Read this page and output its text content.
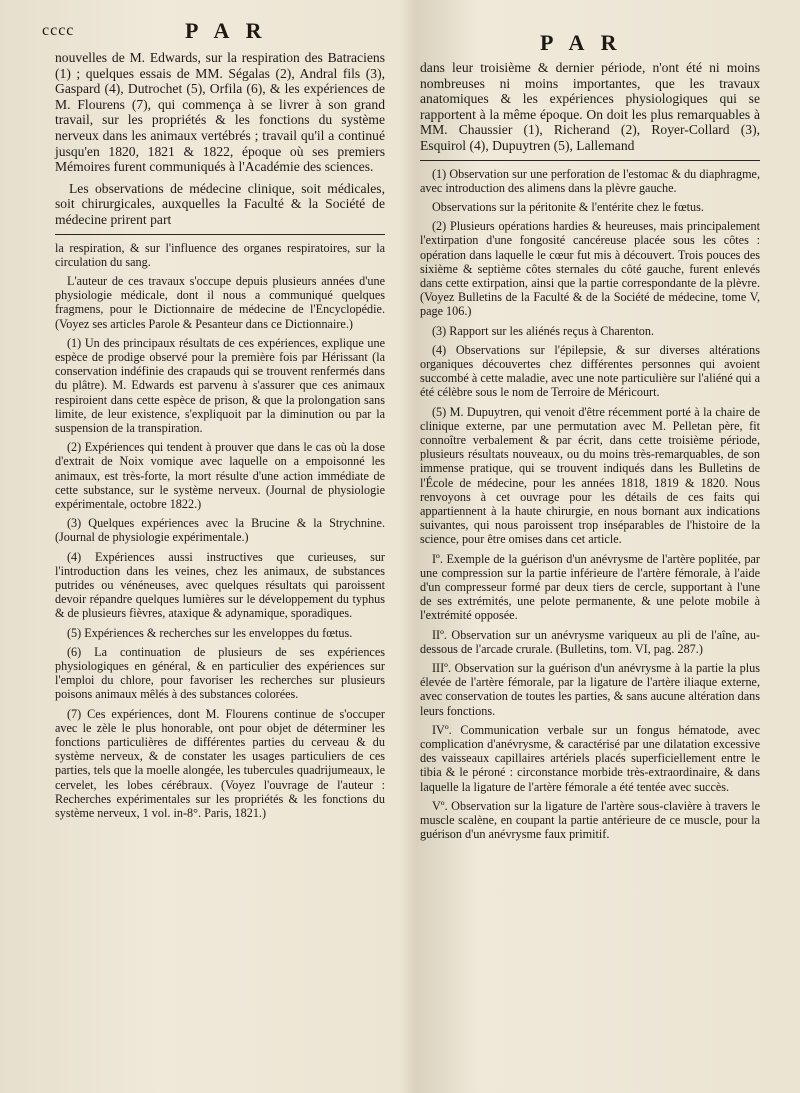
cccc	P A R	P A R

nouvelles de M. Edwards, sur la respiration des Batraciens (1) ; quelques essais de MM. Ségalas (2), Andral fils (3), Gaspard (4), Dutrochet (5), Orfila (6), & les expériences de M. Flourens (7), qui commença à se livrer à son grand travail, sur les propriétés & les fonctions du système nerveux dans les animaux vertébrés ; travail qu'il a continué jusqu'en 1820, 1821 & 1822, époque où ses premiers Mémoires furent communiqués à l'Académie des sciences.

Les observations de médecine clinique, soit médicales, soit chirurgicales, auxquelles la Faculté & la Société de médecine prirent part

la respiration, & sur l'influence des organes respiratoires, sur la circulation du sang.

L'auteur de ces travaux s'occupe depuis plusieurs années d'une physiologie médicale, dont il nous a communiqué quelques fragmens, pour le Dictionnaire de médecine de l'Encyclopédie. (Voyez ses articles Parole & Pesanteur dans ce Dictionnaire.)

(1) Un des principaux résultats de ces expériences, explique une espèce de prodige observé pour la première fois par Hérissant (la conservation indéfinie des crapauds qui se trouvent renfermés dans du plâtre). M. Edwards est parvenu à s'assurer que ces animaux respiroient dans cette espèce de prison, & que la prolongation sans limite, de leur existence, s'expliquoit par la diminution ou par la suspension de la transpiration.

(2) Expériences qui tendent à prouver que dans le cas où la dose d'extrait de Noix vomique avec laquelle on a empoisonné les animaux, est très-forte, la mort résulte d'une action immédiate de cette substance, sur le système nerveux. (Journal de physiologie expérimentale, octobre 1822.)

(3) Quelques expériences avec la Brucine & la Strychnine. (Journal de physiologie expérimentale.)

(4) Expériences aussi instructives que curieuses, sur l'introduction dans les veines, chez les animaux, de substances putrides ou vénéneuses, avec quelques résultats qui paroissent devoir répandre quelques lumières sur le développement du typhus & de plusieurs fièvres, ataxique & adynamique, sporadiques.

(5) Expériences & recherches sur les enveloppes du fœtus.

(6) La continuation de plusieurs de ses expériences physiologiques en général, & en particulier des expériences sur l'emploi du chlore, pour favoriser les recherches sur plusieurs poisons animaux mêlés à des substances colorées.

(7) Ces expériences, dont M. Flourens continue de s'occuper avec le zèle le plus honorable, ont pour objet de déterminer les fonctions particulières de différentes parties du cerveau & du système nerveux, & de constater les usages particuliers de ces parties, tels que la moelle alongée, les tubercules quadrijumeaux, le cervelet, les lobes cérébraux. (Voyez l'ouvrage de l'auteur : Recherches expérimentales sur les propriétés & les fonctions du système nerveux, 1 vol. in-8°. Paris, 1821.)

dans leur troisième & dernier période, n'ont été ni moins nombreuses ni moins importantes, que les travaux anatomiques & les expériences physiologiques qui se rapportent à la même époque. On doit les plus remarquables à MM. Chaussier (1), Richerand (2), Royer-Collard (3), Esquirol (4), Dupuytren (5), Lallemand

(1) Observation sur une perforation de l'estomac & du diaphragme, avec introduction des alimens dans la plèvre gauche.

Observations sur la péritonite & l'entérite chez le fœtus.

(2) Plusieurs opérations hardies & heureuses, mais principalement l'extirpation d'une fongosité cancéreuse placée sous les côtes : opération dans laquelle le cœur fut mis à découvert. Trois pouces des sixième & septième côtes sternales du côté gauche, furent enlevés dans cette extirpation, ainsi que la partie correspondante de la plèvre. (Voyez Bulletins de la Faculté & de la Société de médecine, tome V, page 106.)

(3) Rapport sur les aliénés reçus à Charenton.

(4) Observations sur l'épilepsie, & sur diverses altérations organiques découvertes chez différentes personnes qui avoient succombé à cette maladie, avec une note particulière sur l'aliéné qui a été célèbre sous le nom de Terroire de Méricourt.

(5) M. Dupuytren, qui venoit d'être récemment porté à la chaire de clinique externe, par une permutation avec M. Pelletan père, fit connoître verbalement & par écrit, dans cette troisième période, plusieurs résultats nouveaux, ou du moins très-remarquables, de son immense pratique, qui se trouvent indiqués dans les Bulletins de l'École de médecine, pour les années 1818, 1819 & 1820. Nous renvoyons à cet ouvrage pour les détails de ces faits qui appartiennent à la haute chirurgie, en nous bornant aux indications suivantes, qui nous paroissent trop inséparables de l'histoire de la science, pour être omises dans cet article.

Iº. Exemple de la guérison d'un anévrysme de l'artère poplitée, par une compression sur la partie inférieure de l'artère fémorale, à l'aide d'un compresseur formé par deux tiers de cercle, supportant à l'une de ses extrémités, une pelote permanente, & une pelote mobile à l'extrémité opposée.

IIº. Observation sur un anévrysme variqueux au pli de l'aîne, au-dessous de l'arcade crurale. (Bulletins, tom. VI, pag. 287.)

IIIº. Observation sur la guérison d'un anévrysme à la partie la plus élevée de l'artère fémorale, par la ligature de l'artère iliaque externe, avec conservation de toutes les parties, & sans aucune altération dans leurs fonctions.

IVº. Communication verbale sur un fongus hématode, avec complication d'anévrysme, & caractérisé par une dilatation excessive des vaisseaux capillaires artériels placés superficiellement entre le tibia & le péroné : circonstance morbide très-extraordinaire, & dans laquelle la ligature de l'artère fémorale a été tentée avec succès.

Vº. Observation sur la ligature de l'artère sous-clavière à travers le muscle scalène, en coupant la partie antérieure de ce muscle, pour la guérison d'un anévrysme faux primitif.
